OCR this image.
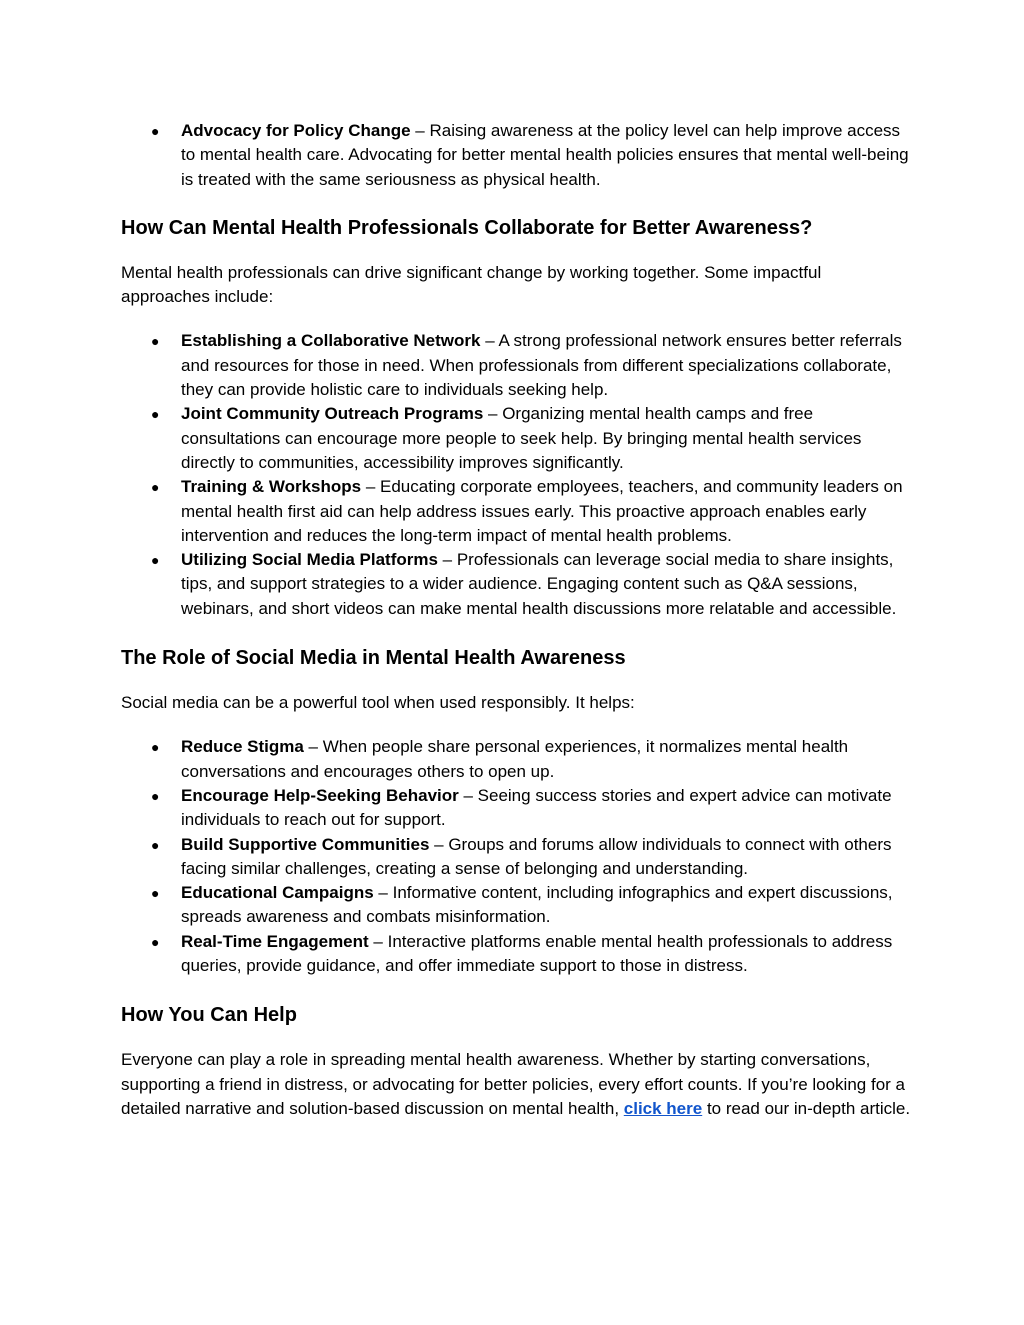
● Advocacy for Policy Change – Raising awareness at the policy level can help improve access to mental health care. Advocating for better mental health policies ensures that mental well-being is treated with the same seriousness as physical health.
How Can Mental Health Professionals Collaborate for Better Awareness?

Mental health professionals can drive significant change by working together. Some impactful approaches include:

● Establishing a Collaborative Network – A strong professional network ensures better referrals and resources for those in need. When professionals from different specializations collaborate, they can provide holistic care to individuals seeking help.
● Joint Community Outreach Programs – Organizing mental health camps and free consultations can encourage more people to seek help. By bringing mental health services directly to communities, accessibility improves significantly.
● Training & Workshops – Educating corporate employees, teachers, and community leaders on mental health first aid can help address issues early. This proactive approach enables early intervention and reduces the long-term impact of mental health problems.
● Utilizing Social Media Platforms – Professionals can leverage social media to share insights, tips, and support strategies to a wider audience. Engaging content such as Q&A sessions, webinars, and short videos can make mental health discussions more relatable and accessible.
The Role of Social Media in Mental Health Awareness

Social media can be a powerful tool when used responsibly. It helps:

● Reduce Stigma – When people share personal experiences, it normalizes mental health conversations and encourages others to open up.
● Encourage Help-Seeking Behavior – Seeing success stories and expert advice can motivate individuals to reach out for support.
● Build Supportive Communities – Groups and forums allow individuals to connect with others facing similar challenges, creating a sense of belonging and understanding.
● Educational Campaigns – Informative content, including infographics and expert discussions, spreads awareness and combats misinformation.
● Real-Time Engagement – Interactive platforms enable mental health professionals to address queries, provide guidance, and offer immediate support to those in distress.
How You Can Help

Everyone can play a role in spreading mental health awareness. Whether by starting conversations, supporting a friend in distress, or advocating for better policies, every effort counts. If you’re looking for a detailed narrative and solution-based discussion on mental health, click here to read our in-depth article.
